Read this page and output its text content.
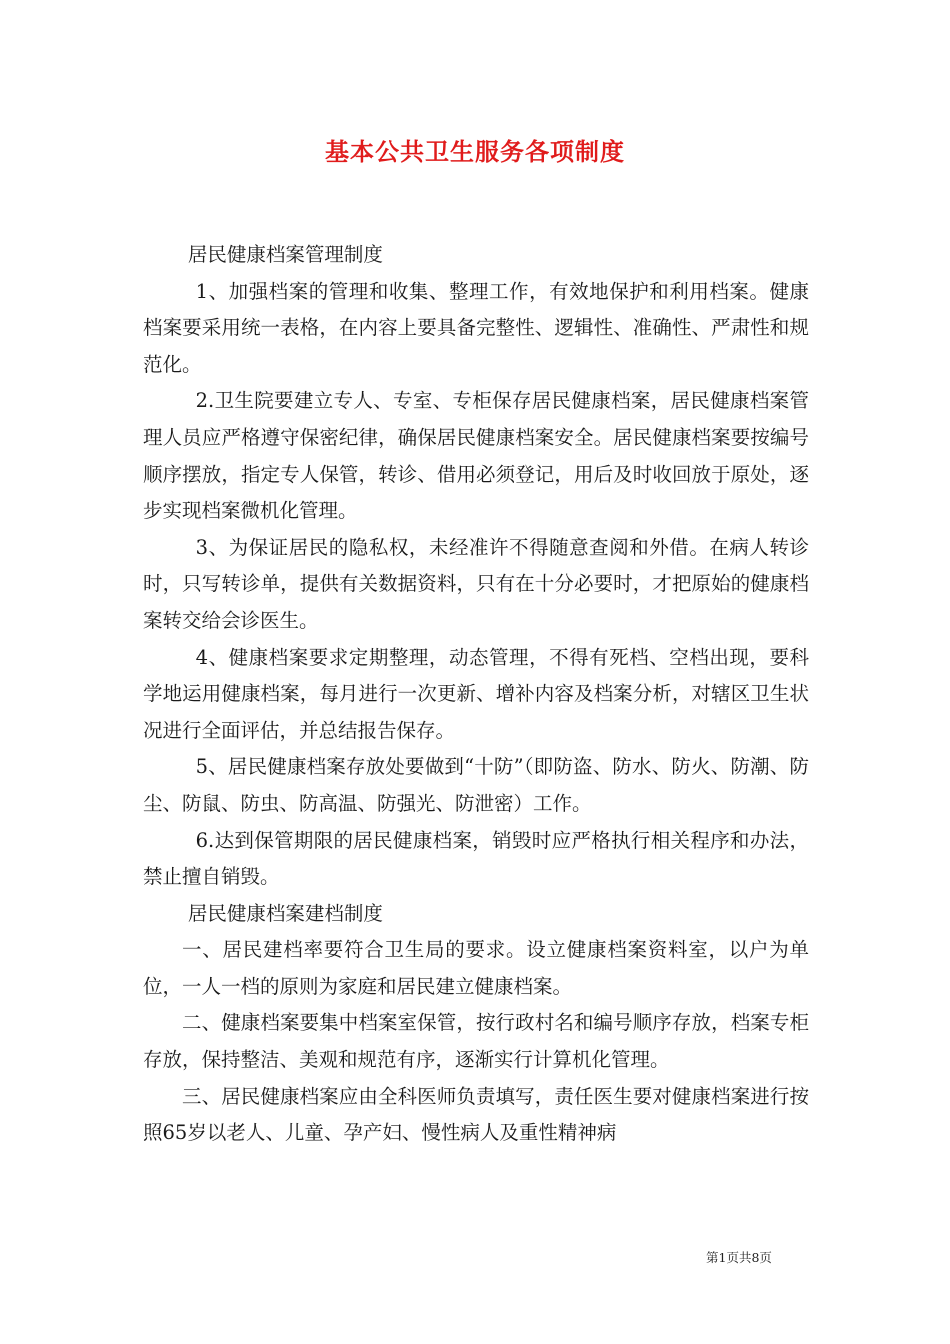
基本公共卫生服务各项制度

居民健康档案管理制度

1、加强档案的管理和收集、整理工作，有效地保护和利用档案。健康档案要采用统一表格，在内容上要具备完整性、逻辑性、准确性、严肃性和规范化。

2.卫生院要建立专人、专室、专柜保存居民健康档案，居民健康档案管理人员应严格遵守保密纪律，确保居民健康档案安全。居民健康档案要按编号顺序摆放，指定专人保管，转诊、借用必须登记，用后及时收回放于原处，逐步实现档案微机化管理。

3、为保证居民的隐私权，未经准许不得随意查阅和外借。在病人转诊时，只写转诊单，提供有关数据资料，只有在十分必要时，才把原始的健康档案转交给会诊医生。

4、健康档案要求定期整理，动态管理，不得有死档、空档出现，要科学地运用健康档案，每月进行一次更新、增补内容及档案分析，对辖区卫生状况进行全面评估，并总结报告保存。

5、居民健康档案存放处要做到“十防”（即防盗、防水、防火、防潮、防尘、防鼠、防虫、防高温、防强光、防泄密）工作。

6.达到保管期限的居民健康档案，销毁时应严格执行相关程序和办法，禁止擅自销毁。

居民健康档案建档制度

一、居民建档率要符合卫生局的要求。设立健康档案资料室，以户为单位，一人一档的原则为家庭和居民建立健康档案。

二、健康档案要集中档案室保管，按行政村名和编号顺序存放，档案专柜存放，保持整洁、美观和规范有序，逐渐实行计算机化管理。

三、居民健康档案应由全科医师负责填写，责任医生要对健康档案进行按照65岁以老人、儿童、孕产妇、慢性病人及重性精神病

第1页共8页
